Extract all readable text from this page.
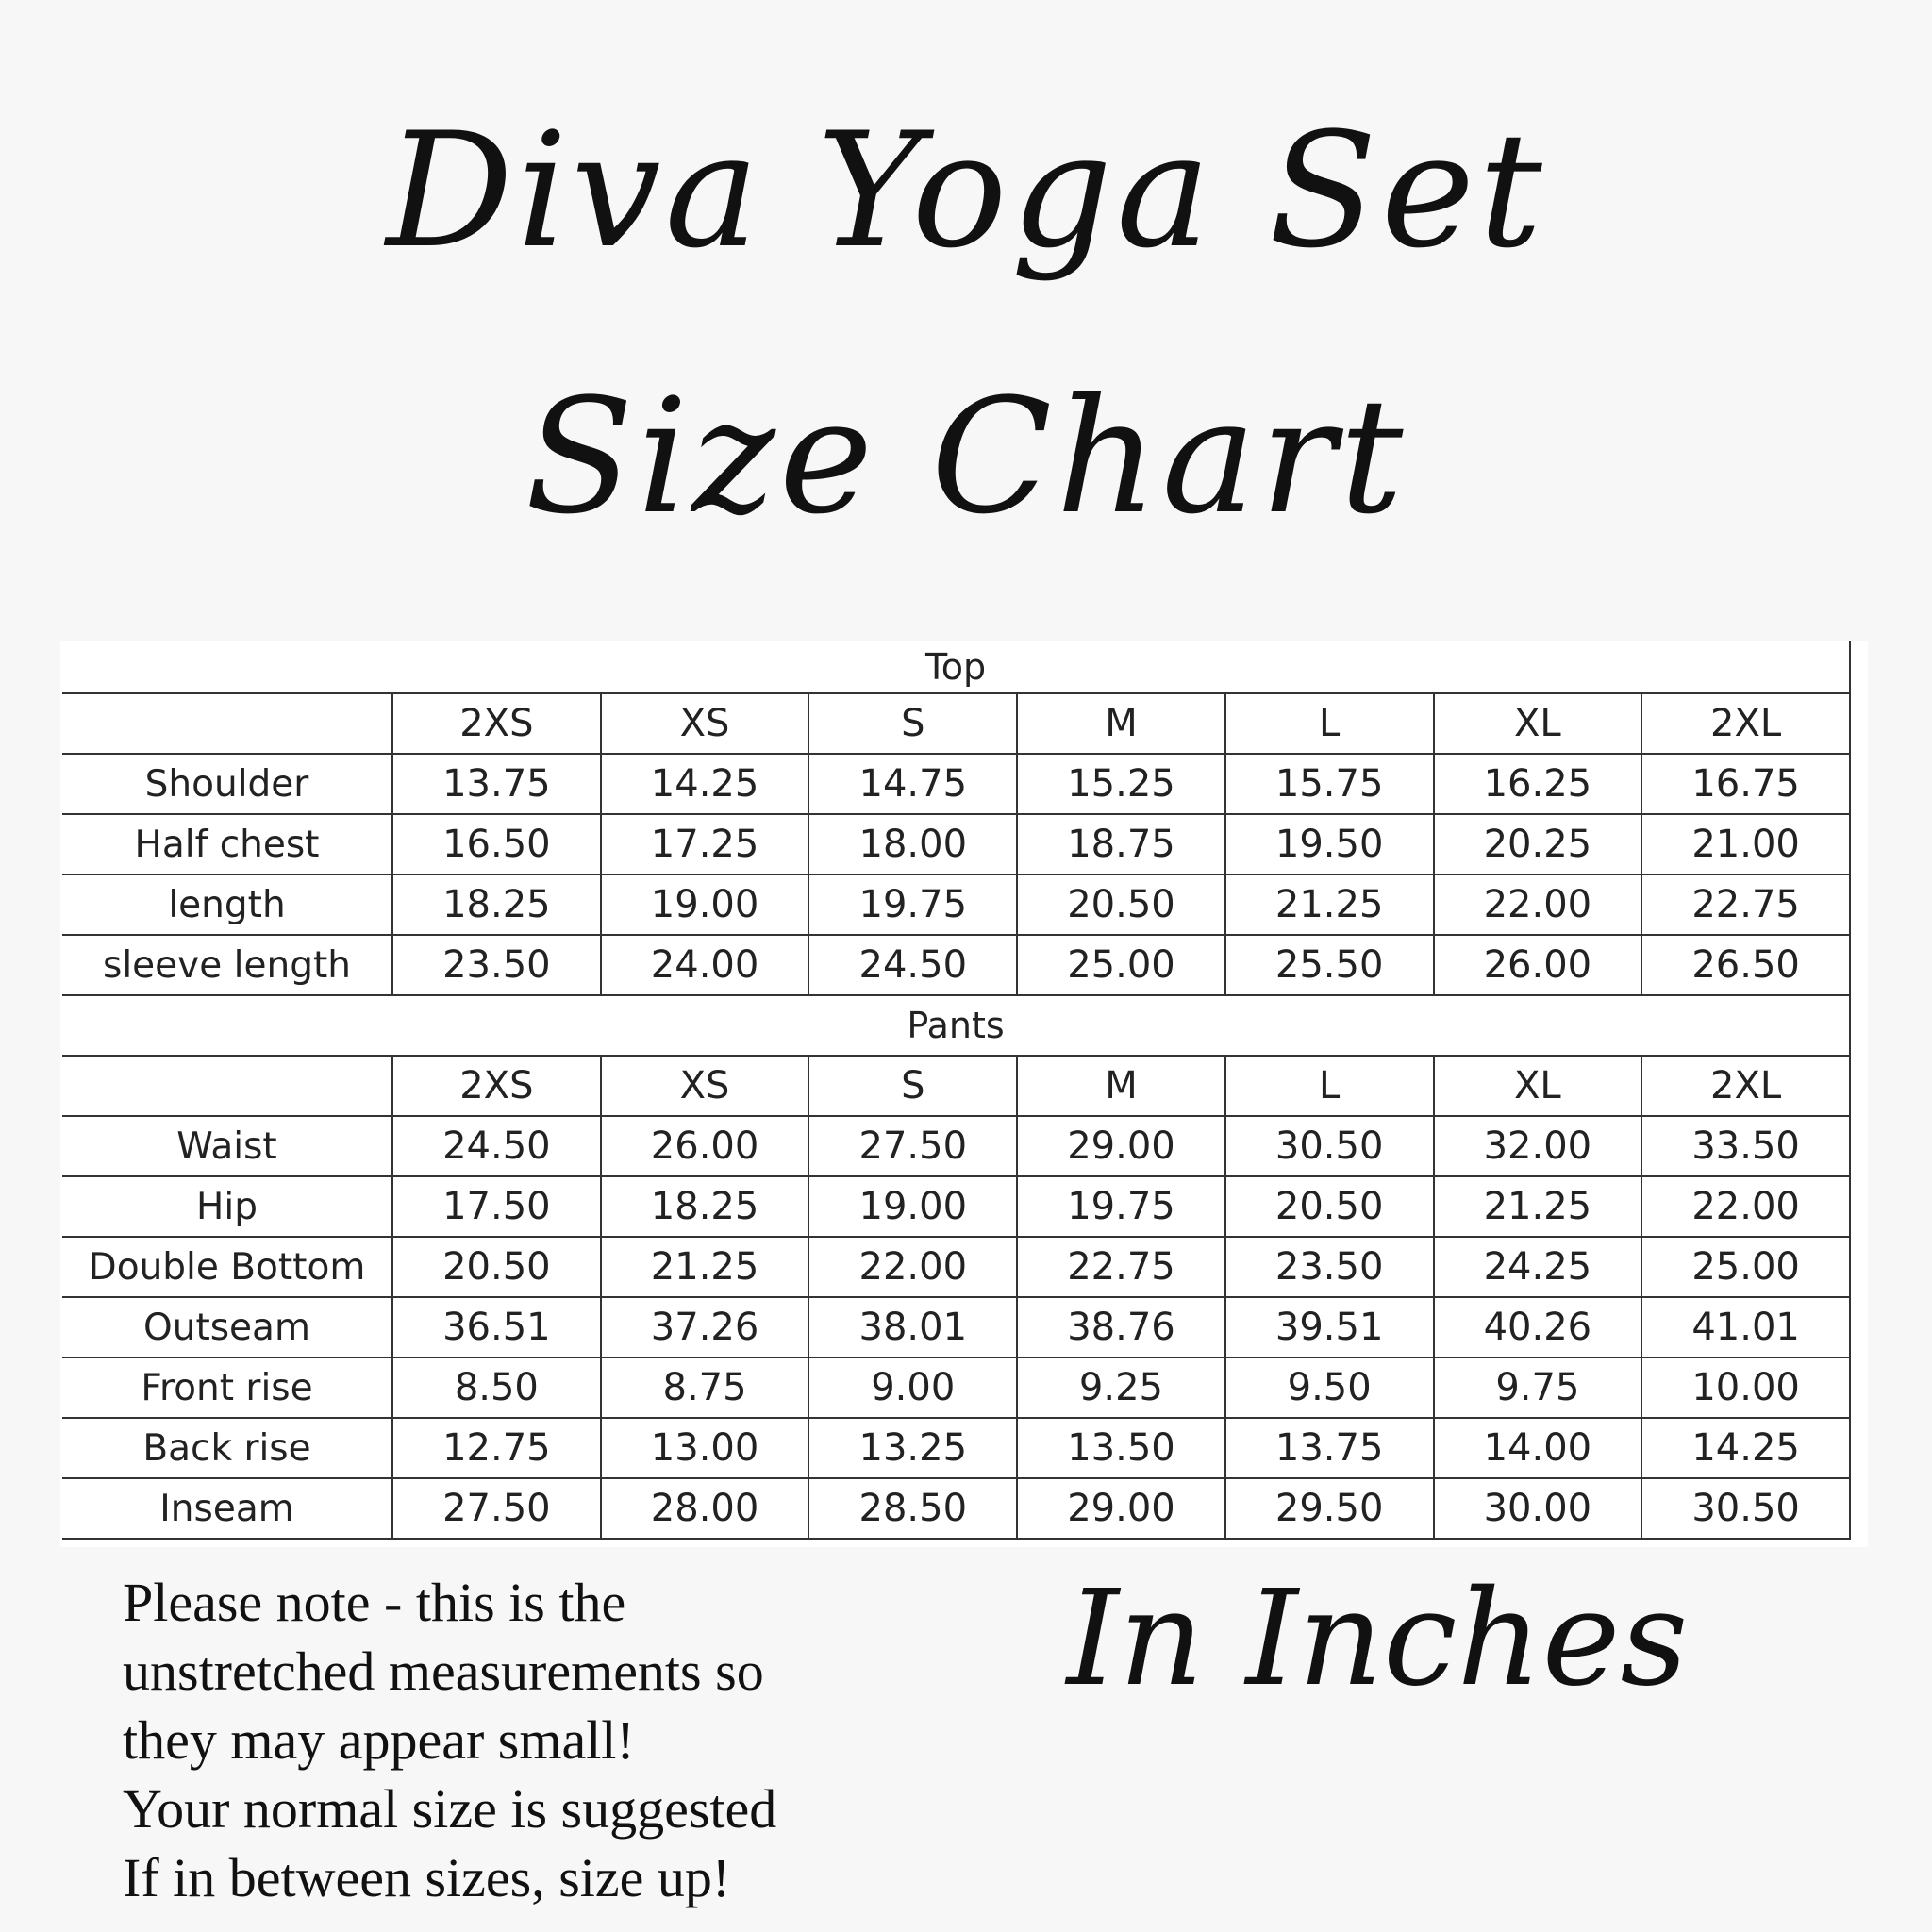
Diva Yoga Set
Size Chart
Top							
	2XS	XS	S	M	L	XL	2XL
Shoulder	13.75	14.25	14.75	15.25	15.75	16.25	16.75
Half chest	16.50	17.25	18.00	18.75	19.50	20.25	21.00
length	18.25	19.00	19.75	20.50	21.25	22.00	22.75
sleeve length	23.50	24.00	24.50	25.00	25.50	26.00	26.50
Pants							
	2XS	XS	S	M	L	XL	2XL
Waist	24.50	26.00	27.50	29.00	30.50	32.00	33.50
Hip	17.50	18.25	19.00	19.75	20.50	21.25	22.00
Double Bottom	20.50	21.25	22.00	22.75	23.50	24.25	25.00
Outseam	36.51	37.26	38.01	38.76	39.51	40.26	41.01
Front rise	8.50	8.75	9.00	9.25	9.50	9.75	10.00
Back rise	12.75	13.00	13.25	13.50	13.75	14.00	14.25
Inseam	27.50	28.00	28.50	29.00	29.50	30.00	30.50
Please note - this is the
unstretched measurements so
they may appear small!
Your normal size is suggested
If in between sizes, size up!
In Inches
